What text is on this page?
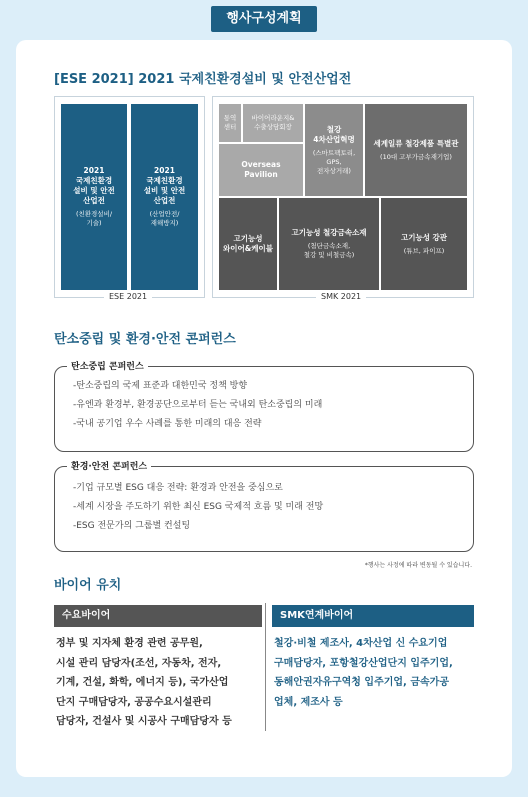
행사구성계획
[ESE 2021] 2021 국제친환경설비 및 안전산업전
2021
국제친환경
설비 및 안전
산업전
(친환경설비/
기술)
2021
국제친환경
설비 및 안전
산업전
(산업안전/
재해방지)
ESE 2021
통역
센터
바이어라운지&
수출상담회장
Overseas
Pavilion
철강
4차산업혁명
(스마트팩토리,
GPS,
전자상거래)
세계일류 철강제품 특별관
(10대 고부가금속재기업)
고기능성
와이어&케이블
고기능성 철강금속소재
(첨단금속소재,
철강 및 비철금속)
고기능성 강관
(튜브, 파이프)
SMK 2021
탄소중립 및 환경·안전 콘퍼런스
탄소중립 콘퍼런스
-탄소중립의 국제 표준과 대한민국 정책 방향
-유엔과 환경부, 환경공단으로부터 듣는 국내외 탄소중립의 미래
-국내 공기업 우수 사례를 통한 미래의 대응 전략
환경·안전 콘퍼런스
-기업 규모별 ESG 대응 전략: 환경과 안전을 중심으로
-세계 시장을 주도하기 위한 최신 ESG 국제적 흐름 및 미래 전망
-ESG 전문가의 그룹별 컨설팅
*행사는 사정에 따라 변동될 수 있습니다.
바이어 유치
수요바이어
정부 및 지자체 환경 관련 공무원,
시설 관리 담당자(조선, 자동차, 전자,
기계, 건설, 화학, 에너지 등), 국가산업
단지 구매담당자, 공공수요시설관리
담당자, 건설사 및 시공사 구매담당자 등
SMK연계바이어
철강·비철 제조사, 4차산업 신 수요기업
구매담당자, 포항철강산업단지 입주기업,
동해안권자유구역청 입주기업, 금속가공
업체, 제조사 등
